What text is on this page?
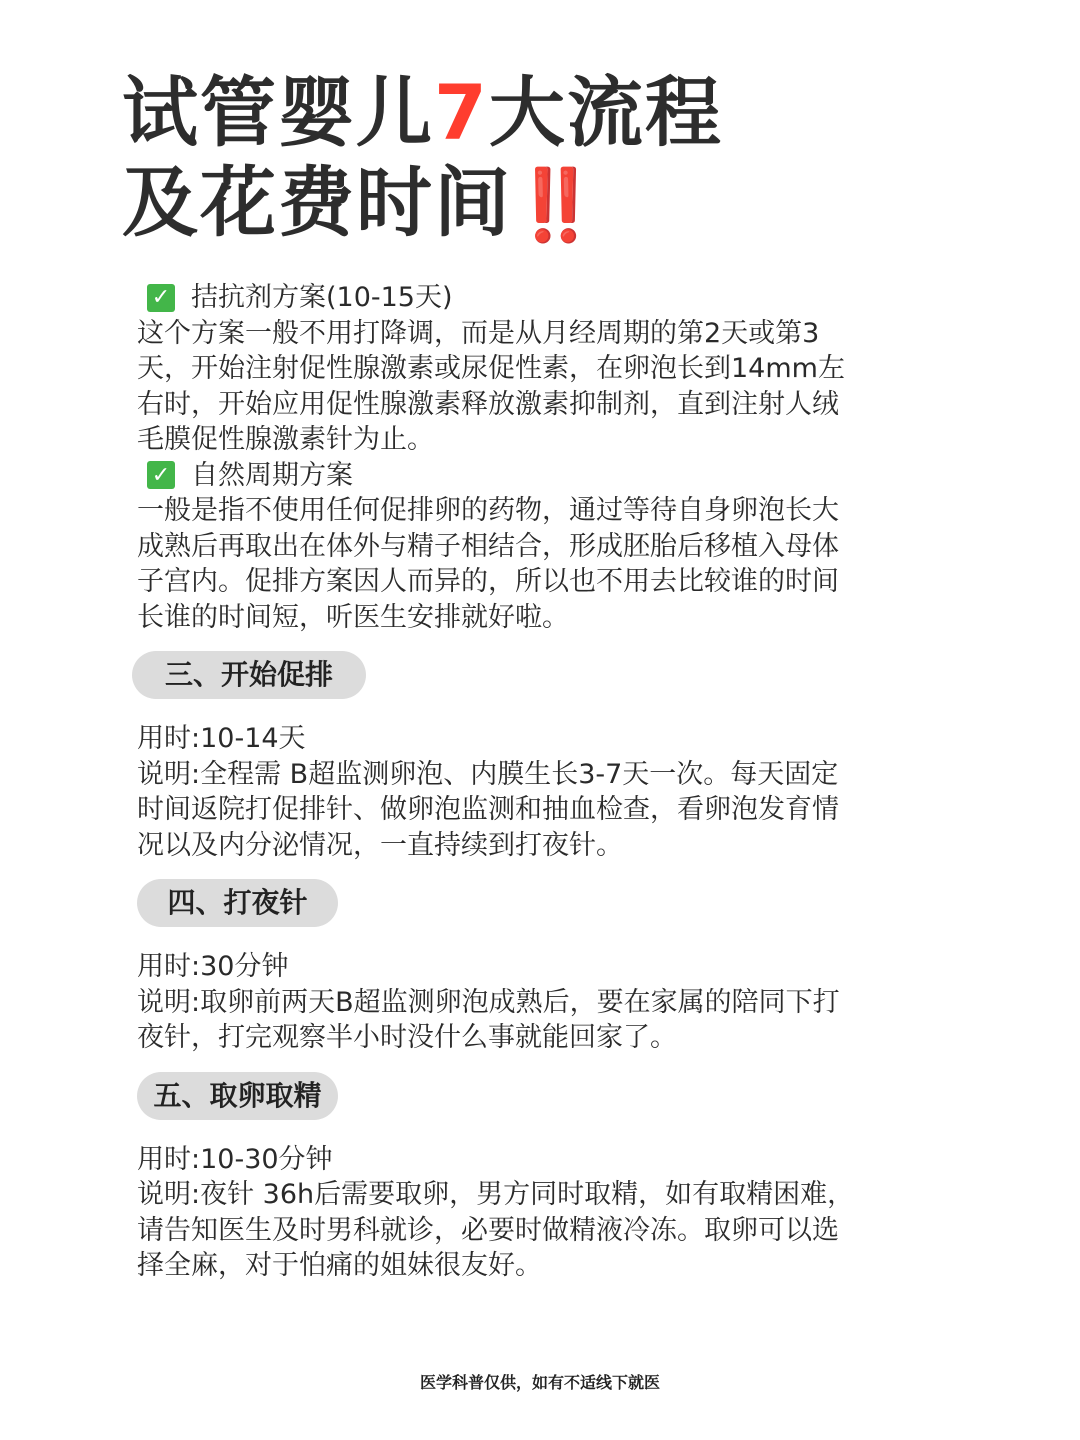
试管婴儿7大流程
及花费时间‼️
✓ 拮抗剂方案(10-15天)

这个方案一般不用打降调，而是从月经周期的第2天或第3

天，开始注射促性腺激素或尿促性素，在卵泡长到14mm左

右时，开始应用促性腺激素释放激素抑制剂，直到注射人绒

毛膜促性腺激素针为止。

✓ 自然周期方案

一般是指不使用任何促排卵的药物，通过等待自身卵泡长大

成熟后再取出在体外与精子相结合，形成胚胎后移植入母体

子宫内。促排方案因人而异的，所以也不用去比较谁的时间

长谁的时间短，听医生安排就好啦。

三、开始促排

用时:10-14天

说明:全程需 B超监测卵泡、内膜生长3-7天一次。每天固定

时间返院打促排针、做卵泡监测和抽血检查，看卵泡发育情

况以及内分泌情况，一直持续到打夜针。

四、打夜针

用时:30分钟

说明:取卵前两天B超监测卵泡成熟后，要在家属的陪同下打

夜针，打完观察半小时没什么事就能回家了。

五、取卵取精

用时:10-30分钟

说明:夜针 36h后需要取卵，男方同时取精，如有取精困难，

请告知医生及时男科就诊，必要时做精液冷冻。取卵可以选

择全麻，对于怕痛的姐妹很友好。

医学科普仅供，如有不适线下就医
